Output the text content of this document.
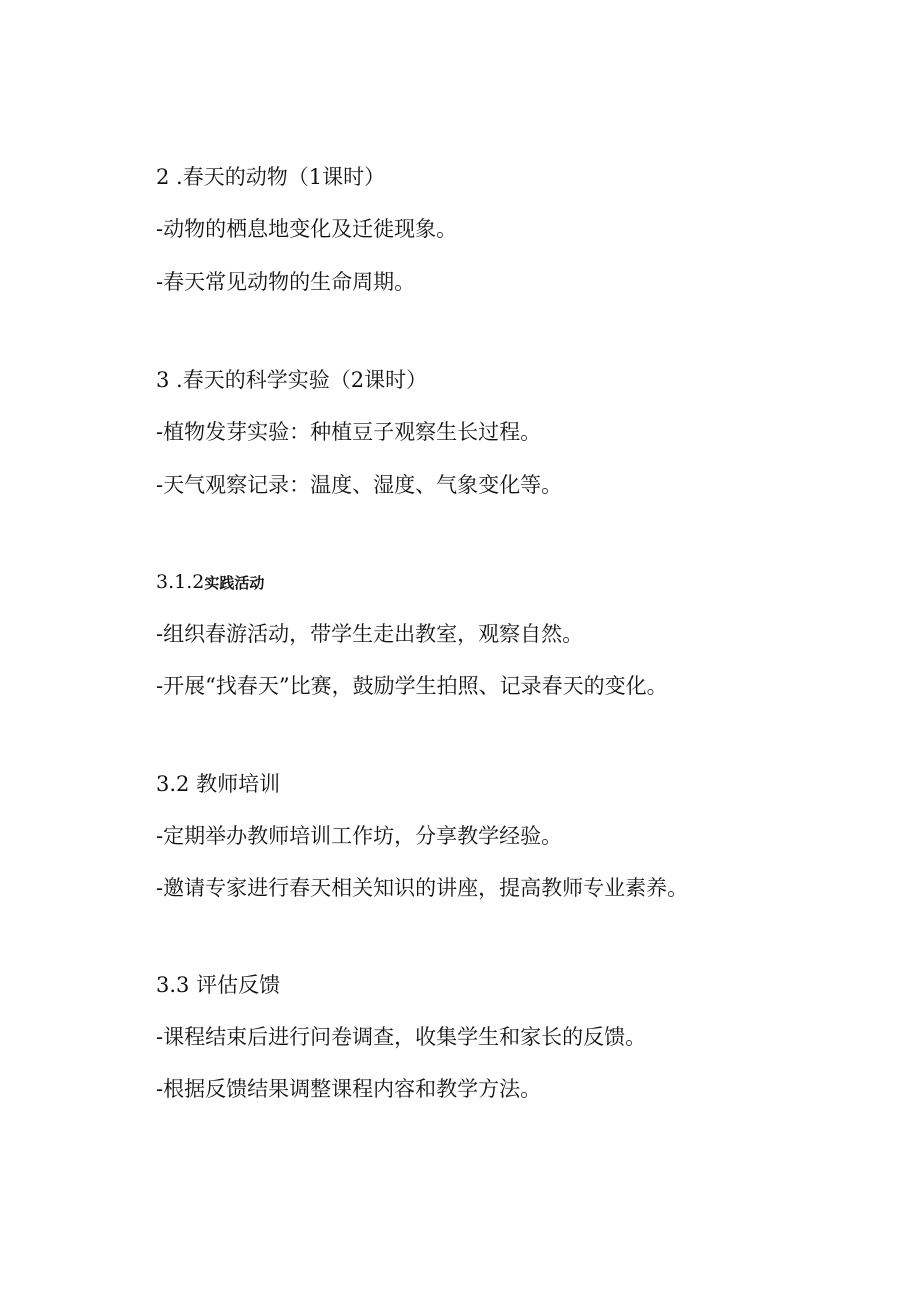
2 .春天的动物（1课时）
-动物的栖息地变化及迁徙现象。
-春天常见动物的生命周期。
3 .春天的科学实验（2课时）
-植物发芽实验：种植豆子观察生长过程。
-天气观察记录：温度、湿度、气象变化等。
3.1.2实践活动
-组织春游活动，带学生走出教室，观察自然。
-开展“找春天”比赛，鼓励学生拍照、记录春天的变化。
3.2 教师培训
-定期举办教师培训工作坊，分享教学经验。
-邀请专家进行春天相关知识的讲座，提高教师专业素养。
3.3 评估反馈
-课程结束后进行问卷调查，收集学生和家长的反馈。
-根据反馈结果调整课程内容和教学方法。
